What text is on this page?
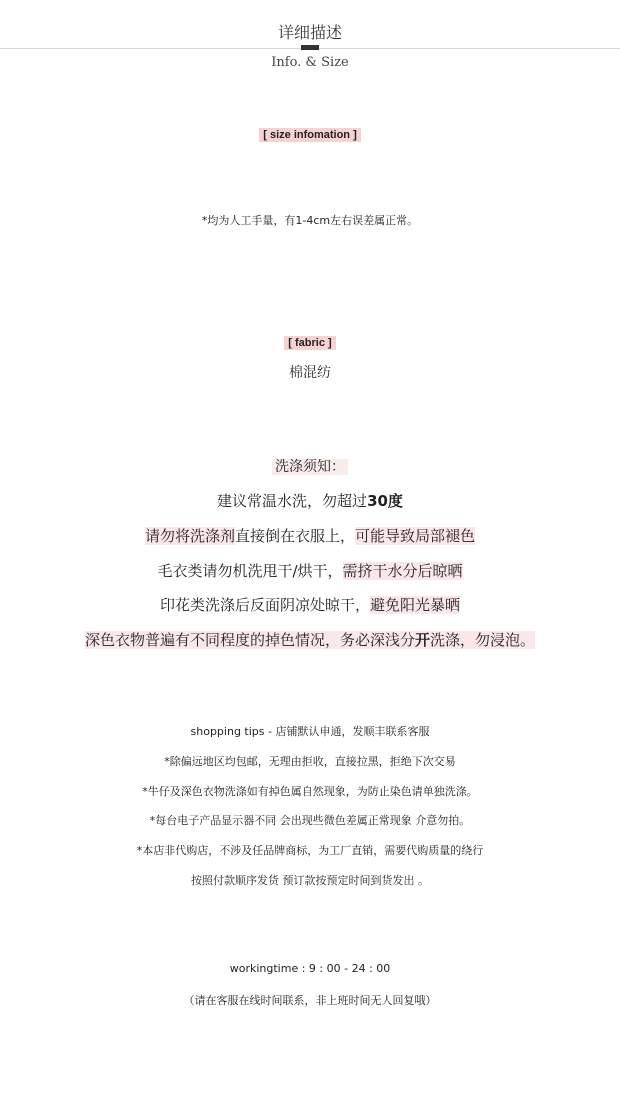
详细描述
Info. & Size
[ size infomation ]
*均为人工手量，有1-4cm左右误差属正常。
[ fabric ]
棉混纺
洗涤须知：
建议常温水洗，勿超过30度
请勿将洗涤剂直接倒在衣服上，可能导致局部褪色
毛衣类请勿机洗甩干/烘干，需挤干水分后晾晒
印花类洗涤后反面阴凉处晾干，避免阳光暴晒
深色衣物普遍有不同程度的掉色情况，务必深浅分开洗涤，勿浸泡。
shopping tips - 店铺默认申通，发顺丰联系客服
*除偏远地区均包邮，无理由拒收，直接拉黑，拒绝下次交易
*牛仔及深色衣物洗涤如有掉色属自然现象，为防止染色请单独洗涤。
*每台电子产品显示器不同 会出现些微色差属正常现象 介意勿拍。
*本店非代购店，不涉及任品牌商标，为工厂直销，需要代购质量的绕行
按照付款顺序发货 预订款按预定时间到货发出 。
workingtime : 9 : 00 - 24 : 00
（请在客服在线时间联系，非上班时间无人回复哦）
